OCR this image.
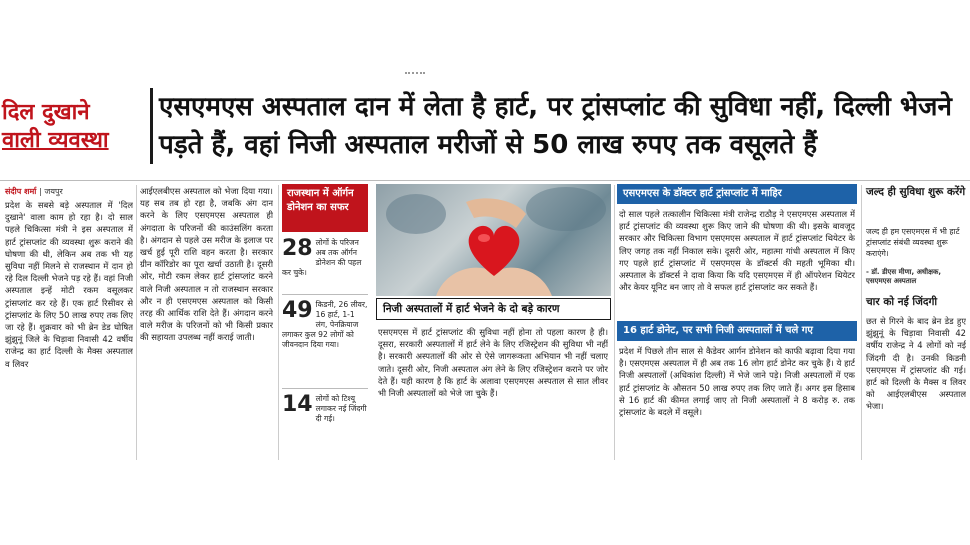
दिल दुखाने
वाली व्यवस्था
एसएमएस अस्पताल दान में लेता है हार्ट, पर ट्रांसप्लांट की सुविधा नहीं, दिल्ली भेजने पड़ते हैं, वहां निजी अस्पताल मरीजों से 50 लाख रुपए तक वसूलते हैं
संदीप शर्मा | जयपुर
प्रदेश के सबसे बड़े अस्पताल में 'दिल दुखाने' वाला काम हो रहा है। दो साल पहले चिकित्सा मंत्री ने इस अस्पताल में हार्ट ट्रांसप्लांट की व्यवस्था शुरू कराने की घोषणा की थी, लेकिन अब तक भी यह सुविधा नहीं मिलने से राजस्थान में दान हो रहे दिल दिल्ली भेजने पड़ रहे हैं। वहां निजी अस्पताल इन्हें मोटी रकम वसूलकर ट्रांसप्लांट कर रहे हैं। एक हार्ट रिसीवर से ट्रांसप्लांट के लिए 50 लाख रुपए तक लिए जा रहे हैं। शुक्रवार को भी ब्रेन डेड घोषित झुंझुनूं जिले के चिड़ावा निवासी 42 वर्षीय राजेन्द्र का हार्ट दिल्ली के मैक्स अस्पताल व लिवर
आईएलबीएस अस्पताल को भेजा दिया गया। यह सब तब हो रहा है, जबकि अंग दान करने के लिए एसएमएस अस्पताल ही अंगदाता के परिजनों की काउंसलिंग करता है। अंगदान से पहले उस मरीज के इलाज पर खर्च हुई पूरी राशि वहन करता है। सरकार ग्रीन कॉरिडोर का पूरा खर्चा उठाती है। दूसरी ओर, मोटी रकम लेकर हार्ट ट्रांसप्लांट करने वाले निजी अस्पताल न तो राजस्थान सरकार और न ही एसएमएस अस्पताल को किसी तरह की आर्थिक राशि देते हैं। अंगदान करने वाले मरीज के परिजनों को भी किसी प्रकार की सहायता उपलब्ध नहीं कराई जाती।
राजस्थान में ऑर्गन डोनेशन का सफर
28 लोगों के परिजन अब तक ऑर्गन डोनेशन की पहल कर चुके।
49 किडनी, 26 लीवर, 16 हार्ट, 1-1 लंग, पेनक्रियाज लगाकर कुल 92 लोगों को जीवनदान दिया गया।
14 लोगों को टिश्यू लगाकर नई जिंदगी दी गई।
निजी अस्पतालों में हार्ट भेजने के दो बड़े कारण
एसएमएस में हार्ट ट्रांसप्लांट की सुविधा नहीं होना तो पहला कारण है ही। दूसरा, सरकारी अस्पतालों में हार्ट लेने के लिए रजिस्ट्रेशन की सुविधा भी नहीं है। सरकारी अस्पतालों की ओर से ऐसे जागरूकता अभियान भी नहीं चलाए जाते। दूसरी ओर, निजी अस्पताल अंग लेने के लिए रजिस्ट्रेशन कराने पर जोर देते हैं। यही कारण है कि हार्ट के अलावा एसएमएस अस्पताल से सात लीवर भी निजी अस्पतालों को भेजे जा चुके हैं।
एसएमएस के डॉक्टर हार्ट ट्रांसप्लांट में माहिर
दो साल पहले तत्कालीन चिकित्सा मंत्री राजेन्द्र राठौड़ ने एसएमएस अस्पताल में हार्ट ट्रांसप्लांट की व्यवस्था शुरू किए जाने की घोषणा की थी। इसके बावजूद सरकार और चिकित्सा विभाग एसएमएस अस्पताल में हार्ट ट्रांसप्लांट थियेटर के लिए जगह तक नहीं निकाल सके। दूसरी ओर, महात्मा गांधी अस्पताल में किए गए पहले हार्ट ट्रांसप्लांट में एसएमएस के डॉक्टर्स की महती भूमिका थी। अस्पताल के डॉक्टर्स ने दावा किया कि यदि एसएमएस में ही ऑपरेशन थियेटर और केयर यूनिट बन जाए तो वे सफल हार्ट ट्रांसप्लांट कर सकते हैं।
16 हार्ट डोनेट, पर सभी निजी अस्पतालों में चले गए
प्रदेश में पिछले तीन साल से कैडेवर आर्गन डोनेशन को काफी बढ़ावा दिया गया है। एसएमएस अस्पताल में ही अब तक 16 लोग हार्ट डोनेट कर चुके हैं। ये हार्ट निजी अस्पतालों (अधिकांश दिल्ली) में भेजे जाने पड़े। निजी अस्पतालों में एक हार्ट ट्रांसप्लांट के औसतन 50 लाख रुपए तक लिए जाते हैं। अगर इस हिसाब से 16 हार्ट की कीमत लगाई जाए तो निजी अस्पतालों ने 8 करोड़ रु. तक ट्रांसप्लांट के बदले में वसूले।
जल्द ही सुविधा शुरू करेंगे
जल्द ही हम एसएमएस में भी हार्ट ट्रांसप्लांट संबंधी व्यवस्था शुरू कराएंगे।
- डॉ. डीएस मीणा, अधीक्षक, एसएमएस अस्पताल
चार को नई जिंदगी
छत से गिरने के बाद ब्रेन डेड हुए झुंझुनूं के चिड़ावा निवासी 42 वर्षीय राजेन्द्र ने 4 लोगों को नई जिंदगी दी है। उनकी किडनी एसएमएस में ट्रांसप्लांट की गई। हार्ट को दिल्ली के मैक्स व लिवर को आईएलबीएस अस्पताल भेजा।
